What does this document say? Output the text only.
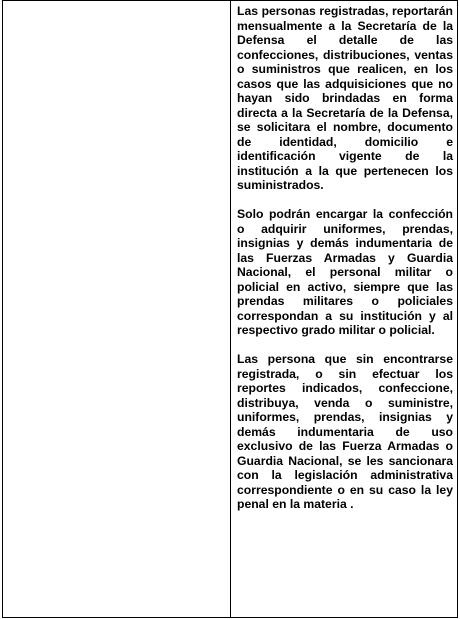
Las personas registradas, reportarán mensualmente a la Secretaría de la Defensa el detalle de las confecciones, distribuciones, ventas o suministros que realicen, en los casos que las adquisiciones que no hayan sido brindadas en forma directa a la Secretaría de la Defensa, se solicitara el nombre, documento de identidad, domicilio e identificación vigente de la institución a la que pertenecen los suministrados.

Solo podrán encargar la confección o adquirir uniformes, prendas, insignias y demás indumentaria de las Fuerzas Armadas y Guardia Nacional, el personal militar o policial en activo, siempre que las prendas militares o policiales correspondan a su institución y al respectivo grado militar o policial.

Las persona que sin encontrarse registrada, o sin efectuar los reportes indicados, confeccione, distribuya, venda o suministre, uniformes, prendas, insignias y demás indumentaria de uso exclusivo de las Fuerza Armadas o Guardia Nacional, se les sancionara con la legislación administrativa correspondiente o en su caso la ley penal en la materia .
